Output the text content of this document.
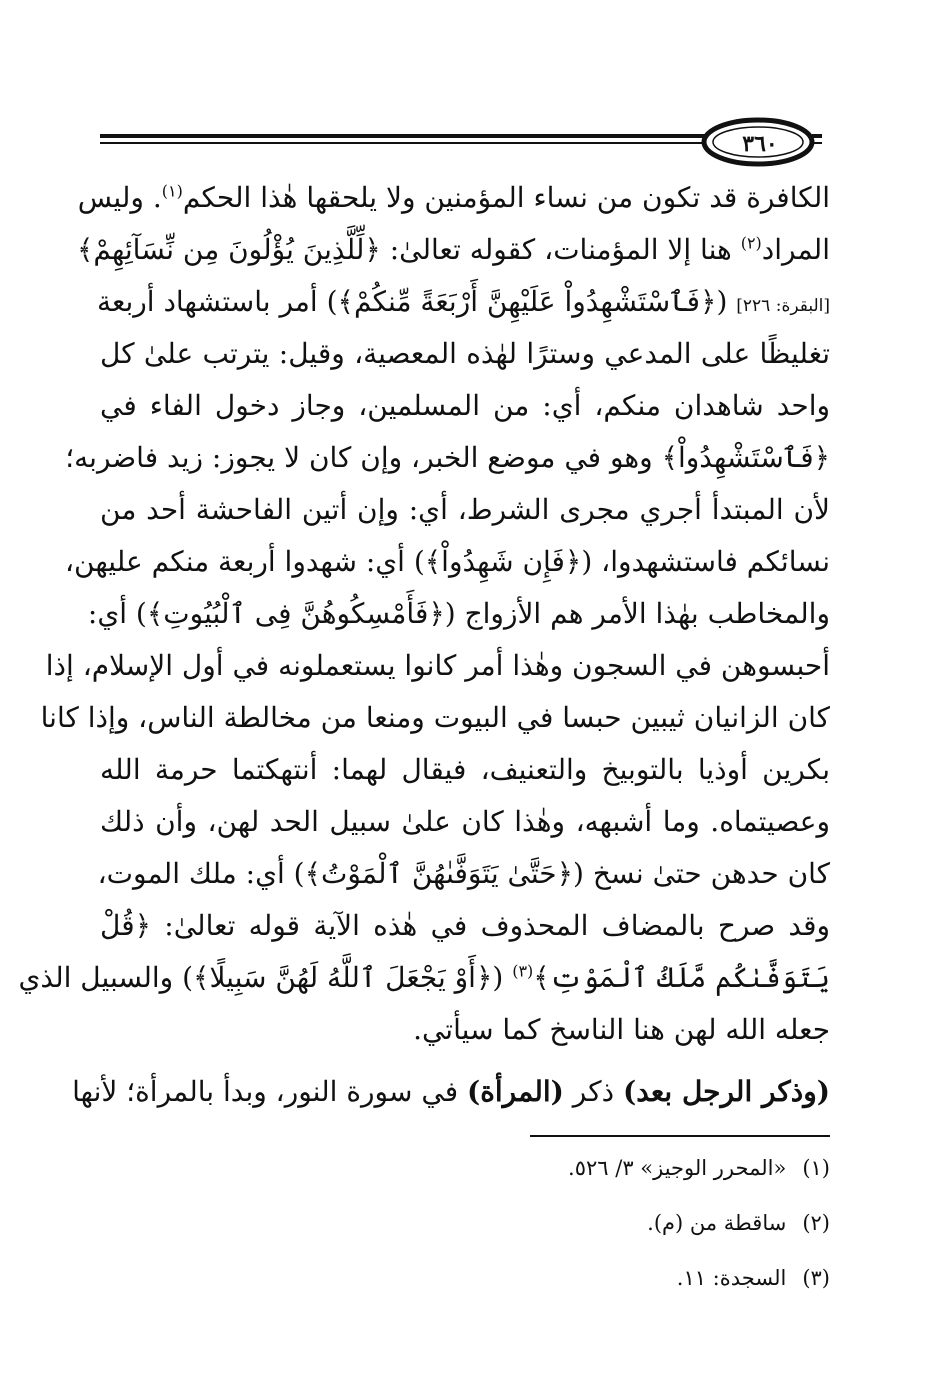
٣٦٠
الكافرة قد تكون من نساء المؤمنين ولا يلحقها هٰذا الحكم$^{(١)}$. وليس
المراد$^{(٢)}$ هنا إلا المؤمنات، كقوله تعالىٰ: ﴿لِّلَّذِينَ يُؤْلُونَ مِن نِّسَآئِهِمْ﴾
[البقرة: ٢٢٦] (﴿فَٱسْتَشْهِدُواْ عَلَيْهِنَّ أَرْبَعَةً مِّنكُمْ﴾) أمر باستشهاد أربعة
تغليظًا على المدعي وسترًا لهٰذه المعصية، وقيل: يترتب علىٰ كل
واحد شاهدان منكم، أي: من المسلمين، وجاز دخول الفاء في
﴿فَٱسْتَشْهِدُواْ﴾ وهو في موضع الخبر، وإن كان لا يجوز: زيد فاضربه؛
لأن المبتدأ أجري مجرى الشرط، أي: وإن أتين الفاحشة أحد من
نسائكم فاستشهدوا، (﴿فَإِن شَهِدُواْ﴾) أي: شهدوا أربعة منكم عليهن،
والمخاطب بهٰذا الأمر هم الأزواج (﴿فَأَمْسِكُوهُنَّ فِى ٱلْبُيُوتِ﴾) أي:
أحبسوهن في السجون وهٰذا أمر كانوا يستعملونه في أول الإسلام، إذا
كان الزانيان ثيبين حبسا في البيوت ومنعا من مخالطة الناس، وإذا كانا
بكرين أوذيا بالتوبيخ والتعنيف، فيقال لهما: أنتهكتما حرمة الله
وعصيتماه. وما أشبهه، وهٰذا كان علىٰ سبيل الحد لهن، وأن ذلك
كان حدهن حتىٰ نسخ (﴿حَتَّىٰ يَتَوَفَّىٰهُنَّ ٱلْمَوْتُ﴾) أي: ملك الموت،
وقد صرح بالمضاف المحذوف في هٰذه الآية قوله تعالىٰ: ﴿قُلْ
يَتَوَفَّىٰكُم مَّلَكُ ٱلْمَوْتِ﴾$^{(٣)}$ (﴿أَوْ يَجْعَلَ ٱللَّهُ لَهُنَّ سَبِيلًا﴾) والسبيل الذي
جعله الله لهن هنا الناسخ كما سيأتي.
(وذكر الرجل بعد) ذكر (المرأة) في سورة النور، وبدأ بالمرأة؛ لأنها
(١)«المحرر الوجيز» ٣/ ٥٢٦.
(٢)ساقطة من (م).
(٣)السجدة: ١١.
